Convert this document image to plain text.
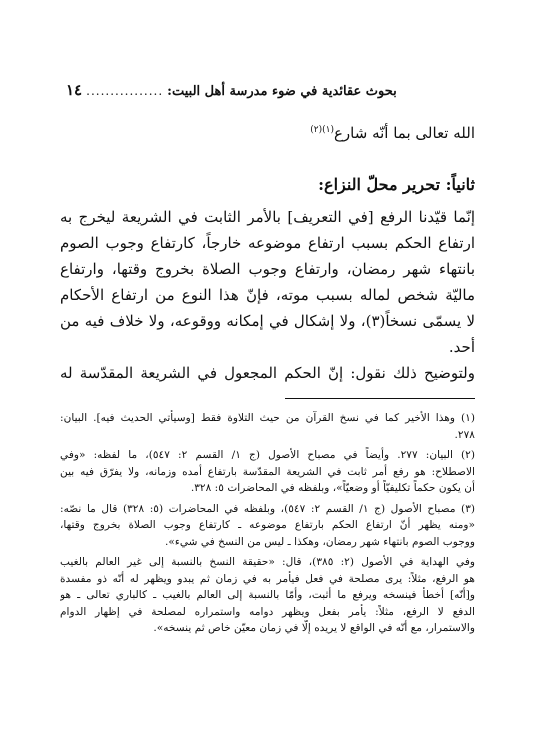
١٤ ................ بحوث عقائدية في ضوء مدرسة أهل البيت:
الله تعالى بما أنّه شارع$^{(١)(٢)}$
ثانياً: تحرير محلّ النزاع:
إنّما قيّدنا الرفع [في التعريف] بالأمر الثابت في الشريعة ليخرج به
ارتفاع الحكم بسبب ارتفاع موضوعه خارجاً، كارتفاع وجوب الصوم
بانتهاء شهر رمضان، وارتفاع وجوب الصلاة بخروج وقتها، وارتفاع
ماليّة شخص لماله بسبب موته، فإنّ هذا النوع من ارتفاع الأحكام
لا يسمّى نسخاً(٣)، ولا إشكال في إمكانه ووقوعه، ولا خلاف فيه من
أحد.
ولتوضيح ذلك نقول: إنّ الحكم المجعول في الشريعة المقدّسة له
(١) وهذا الأخير كما في نسخ القرآن من حيث التلاوة فقط [وسيأتي الحديث فيه]. البيان:
٢٧٨.
(٢) البيان: ٢٧٧. وأيضاً في مصباح الأصول (ج ١/ القسم ٢: ٥٤٧)، ما لفظه: «وفي
الاصطلاح: هو رفع أمر ثابت في الشريعة المقدّسة بارتفاع أمده وزمانه، ولا يفرّق فيه بين
أن يكون حكماً تكليفيّاً أو وضعيّاً»، وبلفظه في المحاضرات ٥: ٣٢٨.
(٣) مصباح الأصول (ج ١/ القسم ٢: ٥٤٧)، وبلفظه في المحاضرات (٥: ٣٢٨) قال ما نصّه:
«ومنه يظهر أنّ ارتفاع الحكم بارتفاع موضوعه ـ كارتفاع وجوب الصلاة بخروج وقتها،
ووجوب الصوم بانتهاء شهر رمضان، وهكذا ـ ليس من النسخ في شيء».
وفي الهداية في الأصول (٢: ٣٨٥)، قال: «حقيقة النسخ بالنسبة إلى غير العالم بالغيب
هو الرفع، مثلاً: يرى مصلحة في فعل فيأمر به في زمان ثم يبدو ويظهر له أنّه ذو مفسدة
و[أنّه] أخطأ فينسخه ويرفع ما أثبت، وأمّا بالنسبة إلى العالم بالغيب ـ كالباري تعالى ـ هو
الدفع لا الرفع، مثلاً: يأمر بفعل ويظهر دوامه واستمراره لمصلحة في إظهار الدوام
والاستمرار، مع أنّه في الواقع لا يريده إلّا في زمان معيّن خاص ثم ينسخه».
